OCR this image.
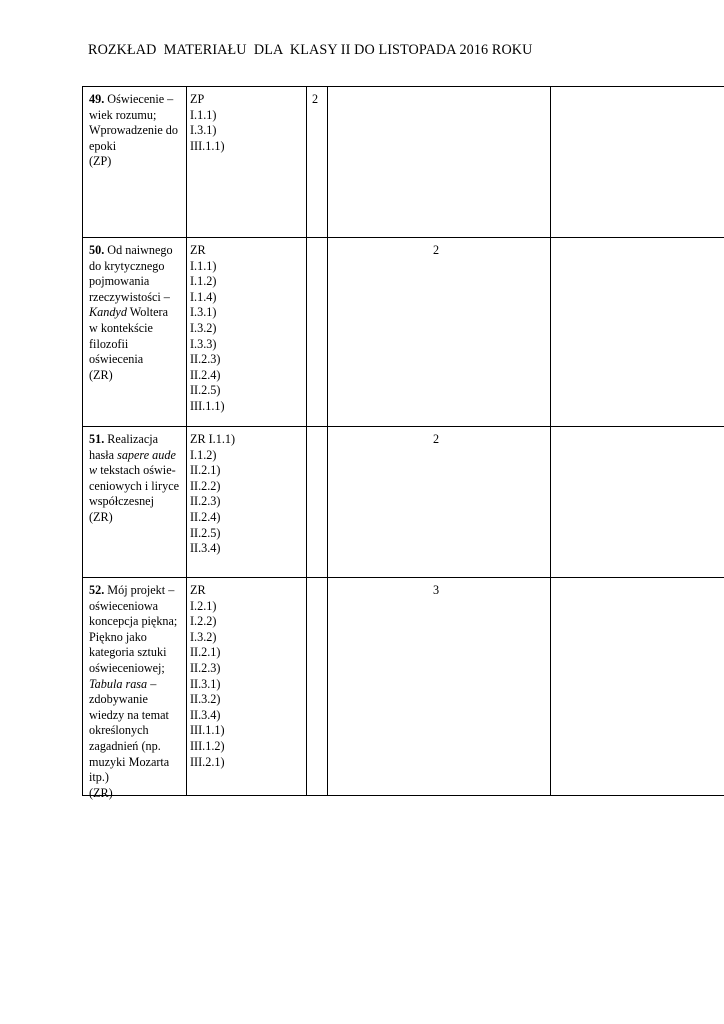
ROZKŁAD  MATERIAŁU  DLA  KLASY II DO LISTOPADA 2016 ROKU
49. Oświecenie –
wiek rozumu;
Wprowadzenie do
epoki
(ZP)
ZP
I.1.1)
I.3.1)
III.1.1)
2
50. Od naiwnego
do krytycznego
pojmowania
rzeczywistości –
Kandyd Woltera
w kontekście
filozofii
oświecenia
(ZR)
ZR
I.1.1)
I.1.2)
I.1.4)
I.3.1)
I.3.2)
I.3.3)
II.2.3)
II.2.4)
II.2.5)
III.1.1)
2
51. Realizacja
hasła sapere aude
w tekstach oświe-
ceniowych i liryce
współczesnej
(ZR)
ZR I.1.1)
I.1.2)
II.2.1)
II.2.2)
II.2.3)
II.2.4)
II.2.5)
II.3.4)
2
52. Mój projekt –
oświeceniowa
koncepcja piękna;
Piękno jako
kategoria sztuki
oświeceniowej;
Tabula rasa –
zdobywanie
wiedzy na temat
określonych
zagadnień (np.
muzyki Mozarta
itp.)
(ZR)
ZR
I.2.1)
I.2.2)
I.3.2)
II.2.1)
II.2.3)
II.3.1)
II.3.2)
II.3.4)
III.1.1)
III.1.2)
III.2.1)
3
